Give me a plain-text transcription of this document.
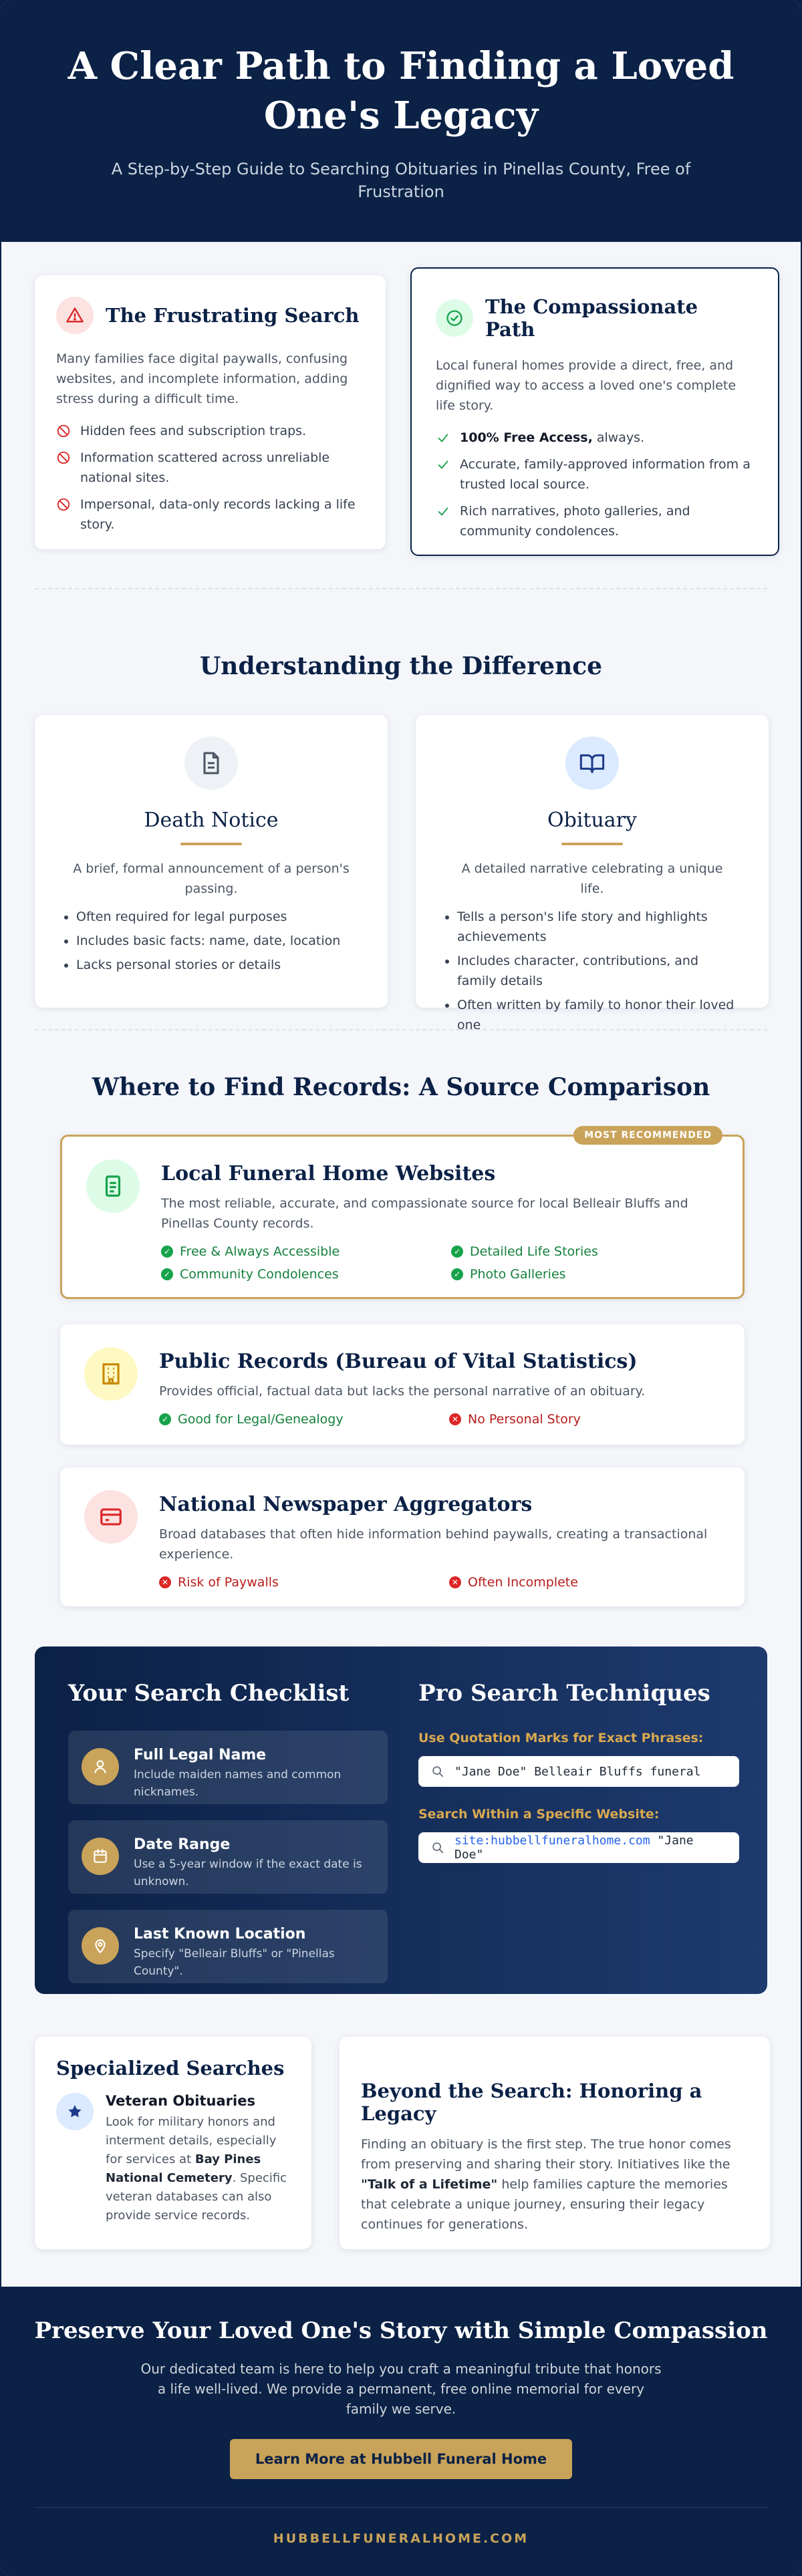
A Clear Path to Finding a Loved One's Legacy

A Step-by-Step Guide to Searching Obituaries in Pinellas County, Free of Frustration

The Frustrating Search
Many families face digital paywalls, confusing websites, and incomplete information, adding stress during a difficult time.
Hidden fees and subscription traps.
Information scattered across unreliable national sites.
Impersonal, data-only records lacking a life story.
The Compassionate Path
Local funeral homes provide a direct, free, and dignified way to access a loved one's complete life story.
100% Free Access, always.
Accurate, family-approved information from a trusted local source.
Rich narratives, photo galleries, and community condolences.
Understanding the Difference
Death Notice

A brief, formal announcement of a person's passing.

• Often required for legal purposes
• Includes basic facts: name, date, location
• Lacks personal stories or details
Obituary

A detailed narrative celebrating a unique life.

• Tells a person's life story and highlights achievements
• Includes character, contributions, and family details
• Often written by family to honor their loved one
Where to Find Records: A Source Comparison
MOST RECOMMENDED
Local Funeral Home Websites

The most reliable, accurate, and compassionate source for local Belleair Bluffs and Pinellas County records.

✓ Free & Always Accessible	✓ Detailed Life Stories
✓ Community Condolences	✓ Photo Galleries
Public Records (Bureau of Vital Statistics)

Provides official, factual data but lacks the personal narrative of an obituary.

✓ Good for Legal/Genealogy	✕ No Personal Story
National Newspaper Aggregators

Broad databases that often hide information behind paywalls, creating a transactional experience.

✕ Risk of Paywalls	✕ Often Incomplete
Your Search Checklist
Full Legal Name

Include maiden names and common nicknames.

Date Range

Use a 5-year window if the exact date is unknown.

Last Known Location

Specify "Belleair Bluffs" or "Pinellas County".

Pro Search Techniques
Use Quotation Marks for Exact Phrases:
"Jane Doe" Belleair Bluffs funeral
Search Within a Specific Website:
site:hubbellfuneralhome.com "Jane Doe"
Specialized Searches
Veteran Obituaries

Look for military honors and interment details, especially for services at Bay Pines National Cemetery. Specific veteran databases can also provide service records.

Beyond the Search: Honoring a Legacy

Finding an obituary is the first step. The true honor comes from preserving and sharing their story. Initiatives like the "Talk of a Lifetime" help families capture the memories that celebrate a unique journey, ensuring their legacy continues for generations.

Preserve Your Loved One's Story with Simple Compassion

Our dedicated team is here to help you craft a meaningful tribute that honors a life well-lived. We provide a permanent, free online memorial for every family we serve.

Learn More at Hubbell Funeral Home
HUBBELLFUNERALHOME.COM
